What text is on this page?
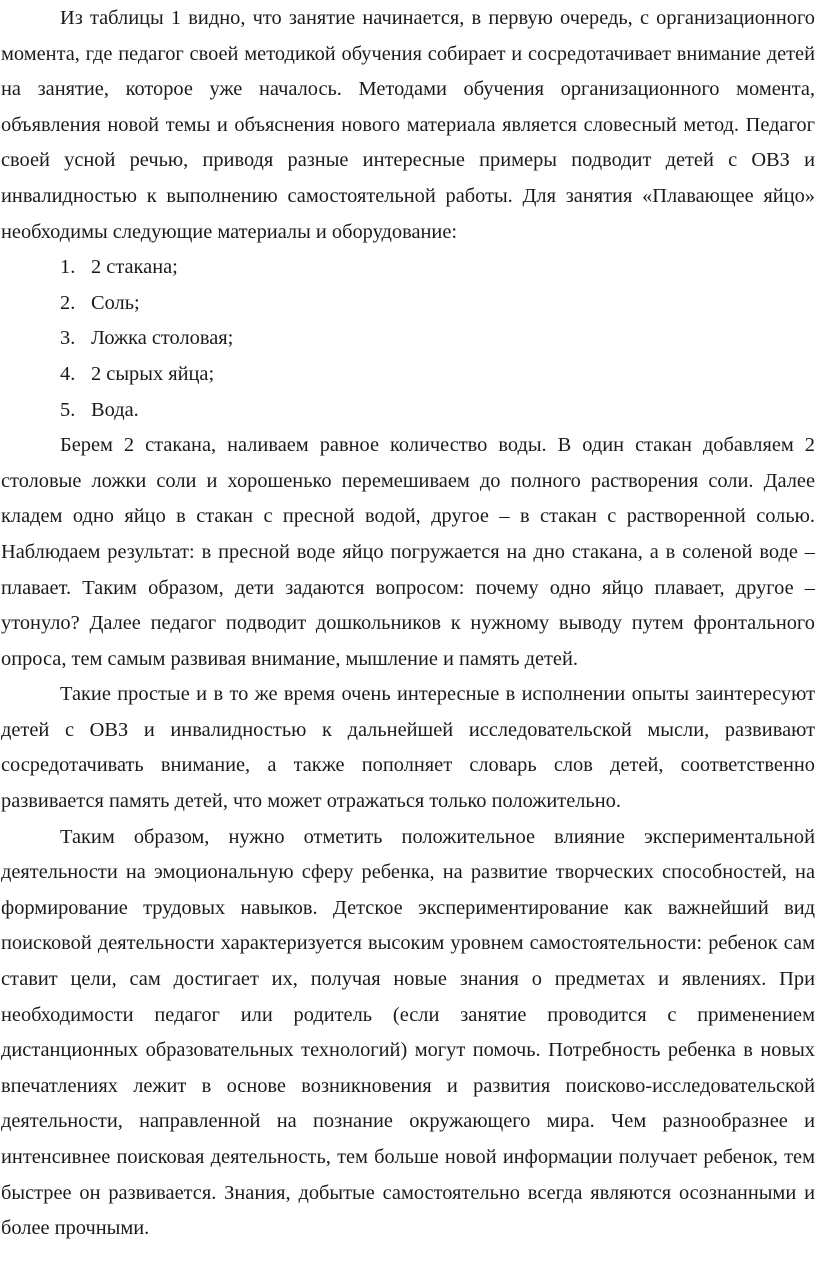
Из таблицы 1 видно, что занятие начинается, в первую очередь, с организационного момента, где педагог своей методикой обучения собирает и сосредотачивает внимание детей на занятие, которое уже началось. Методами обучения организационного момента, объявления новой темы и объяснения нового материала является словесный метод. Педагог своей усной речью, приводя разные интересные примеры подводит детей с ОВЗ и инвалидностью к выполнению самостоятельной работы. Для занятия «Плавающее яйцо» необходимы следующие материалы и оборудование:

1. 2 стакана;
2. Соль;
3. Ложка столовая;
4. 2 сырых яйца;
5. Вода.

Берем 2 стакана, наливаем равное количество воды. В один стакан добавляем 2 столовые ложки соли и хорошенько перемешиваем до полного растворения соли. Далее кладем одно яйцо в стакан с пресной водой, другое – в стакан с растворенной солью. Наблюдаем результат: в пресной воде яйцо погружается на дно стакана, а в соленой воде – плавает. Таким образом, дети задаются вопросом: почему одно яйцо плавает, другое – утонуло? Далее педагог подводит дошкольников к нужному выводу путем фронтального опроса, тем самым развивая внимание, мышление и память детей.

Такие простые и в то же время очень интересные в исполнении опыты заинтересуют детей с ОВЗ и инвалидностью к дальнейшей исследовательской мысли, развивают сосредотачивать внимание, а также пополняет словарь слов детей, соответственно развивается память детей, что может отражаться только положительно.

Таким образом, нужно отметить положительное влияние экспериментальной деятельности на эмоциональную сферу ребенка, на развитие творческих способностей, на формирование трудовых навыков. Детское экспериментирование как важнейший вид поисковой деятельности характеризуется высоким уровнем самостоятельности: ребенок сам ставит цели, сам достигает их, получая новые знания о предметах и явлениях. При необходимости педагог или родитель (если занятие проводится с применением дистанционных образовательных технологий) могут помочь. Потребность ребенка в новых впечатлениях лежит в основе возникновения и развития поисково-исследовательской деятельности, направленной на познание окружающего мира. Чем разнообразнее и интенсивнее поисковая деятельность, тем больше новой информации получает ребенок, тем быстрее он развивается. Знания, добытые самостоятельно всегда являются осознанными и более прочными.
